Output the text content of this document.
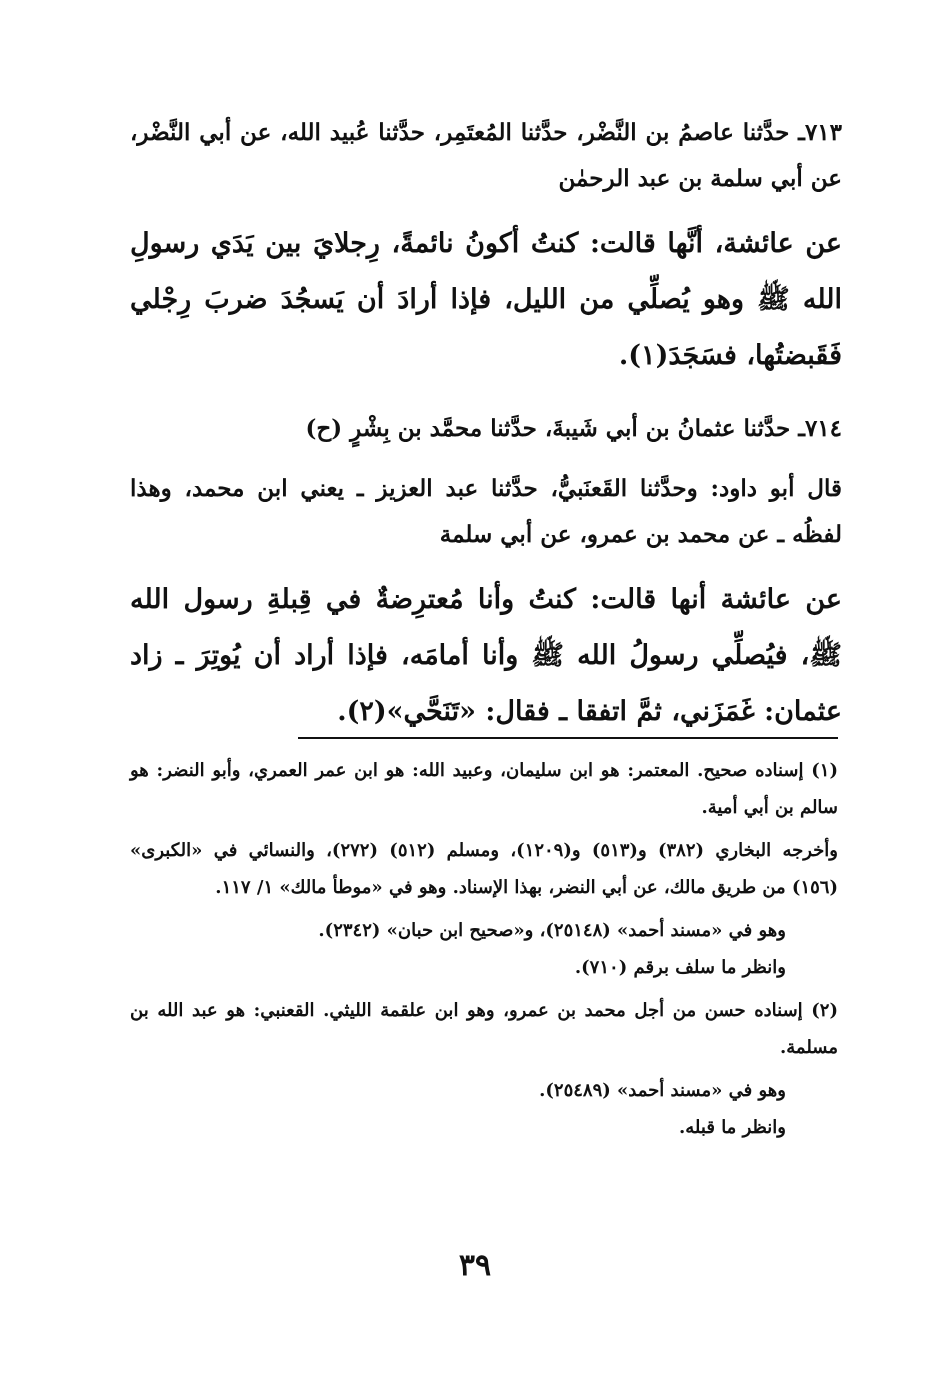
٧١٣ـ حدَّثنا عاصمُ بن النَّضْر، حدَّثنا المُعتَمِر، حدَّثنا عُبيد الله، عن أبي النَّضْر، عن أبي سلمة بن عبد الرحمٰن

عن عائشة، أنَّها قالت: كنتُ أكونُ نائمةً، رِجلايَ بين يَدَي رسولِ الله ﷺ وهو يُصلِّي من الليل، فإذا أرادَ أن يَسجُدَ ضربَ رِجْلي فَقَبضتُها، فسَجَدَ(١).

٧١٤ـ حدَّثنا عثمانُ بن أبي شَيبةَ، حدَّثنا محمَّد بن بِشْرٍ (ح)

قال أبو داود: وحدَّثنا القَعنَبيُّ، حدَّثنا عبد العزيز ـ يعني ابن محمد، وهذا لفظُه ـ عن محمد بن عمرو، عن أبي سلمة

عن عائشة أنها قالت: كنتُ وأنا مُعترِضةٌ في قِبلةِ رسول الله ﷺ، فيُصلِّي رسولُ الله ﷺ وأنا أمامَه، فإذا أراد أن يُوتِرَ ـ زاد عثمان: غَمَزَني، ثمَّ اتفقا ـ فقال: «تَنَحَّي»(٢).

(١) إسناده صحيح. المعتمر: هو ابن سليمان، وعبيد الله: هو ابن عمر العمري، وأبو النضر: هو سالم بن أبي أمية.

وأخرجه البخاري (٣٨٢) و(٥١٣) و(١٢٠٩)، ومسلم (٥١٢) (٢٧٢)، والنسائي في «الكبرى» (١٥٦) من طريق مالك، عن أبي النضر، بهذا الإسناد. وهو في «موطأ مالك» ١/ ١١٧.

وهو في «مسند أحمد» (٢٥١٤٨)، و«صحيح ابن حبان» (٢٣٤٢).

وانظر ما سلف برقم (٧١٠).

(٢) إسناده حسن من أجل محمد بن عمرو، وهو ابن علقمة الليثي. القعنبي: هو عبد الله بن مسلمة.

وهو في «مسند أحمد» (٢٥٤٨٩).

وانظر ما قبله.

٣٩
